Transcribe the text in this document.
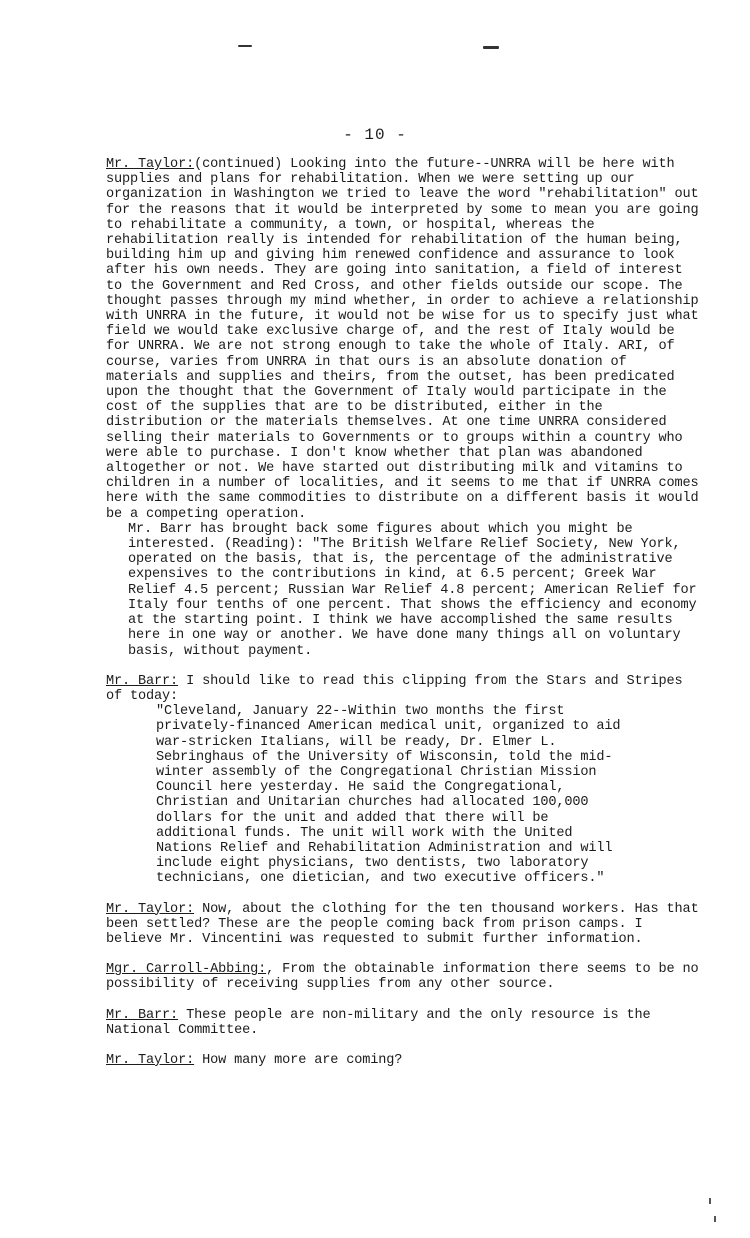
- 10 -

Mr. Taylor:(continued) Looking into the future--UNRRA will be here with supplies and plans for rehabilitation. When we were setting up our organization in Washington we tried to leave the word "rehabilitation" out for the reasons that it would be interpreted by some to mean you are going to rehabilitate a community, a town, or hospital, whereas the rehabilitation really is intended for rehabilitation of the human being, building him up and giving him renewed confidence and assurance to look after his own needs. They are going into sanitation, a field of interest to the Government and Red Cross, and other fields outside our scope. The thought passes through my mind whether, in order to achieve a relationship with UNRRA in the future, it would not be wise for us to specify just what field we would take exclusive charge of, and the rest of Italy would be for UNRRA. We are not strong enough to take the whole of Italy. ARI, of course, varies from UNRRA in that ours is an absolute donation of materials and supplies and theirs, from the outset, has been predicated upon the thought that the Government of Italy would participate in the cost of the supplies that are to be distributed, either in the distribution or the materials themselves. At one time UNRRA considered selling their materials to Governments or to groups within a country who were able to purchase. I don't know whether that plan was abandoned altogether or not. We have started out distributing milk and vitamins to children in a number of localities, and it seems to me that if UNRRA comes here with the same commodities to distribute on a different basis it would be a competing operation.

Mr. Barr has brought back some figures about which you might be interested. (Reading): "The British Welfare Relief Society, New York, operated on the basis, that is, the percentage of the administrative expensives to the contributions in kind, at 6.5 percent; Greek War Relief 4.5 percent; Russian War Relief 4.8 percent; American Relief for Italy four tenths of one percent. That shows the efficiency and economy at the starting point. I think we have accomplished the same results here in one way or another. We have done many things all on voluntary basis, without payment.

Mr. Barr: I should like to read this clipping from the Stars and Stripes of today:

"Cleveland, January 22--Within two months the first privately-financed American medical unit, organized to aid war-stricken Italians, will be ready, Dr. Elmer L. Sebringhaus of the University of Wisconsin, told the mid-winter assembly of the Congregational Christian Mission Council here yesterday. He said the Congregational, Christian and Unitarian churches had allocated 100,000 dollars for the unit and added that there will be additional funds. The unit will work with the United Nations Relief and Rehabilitation Administration and will include eight physicians, two dentists, two laboratory technicians, one dietician, and two executive officers."

Mr. Taylor: Now, about the clothing for the ten thousand workers. Has that been settled? These are the people coming back from prison camps. I believe Mr. Vincentini was requested to submit further information.

Mgr. Carroll-Abbing:, From the obtainable information there seems to be no possibility of receiving supplies from any other source.

Mr. Barr: These people are non-military and the only resource is the National Committee.

Mr. Taylor: How many more are coming?
